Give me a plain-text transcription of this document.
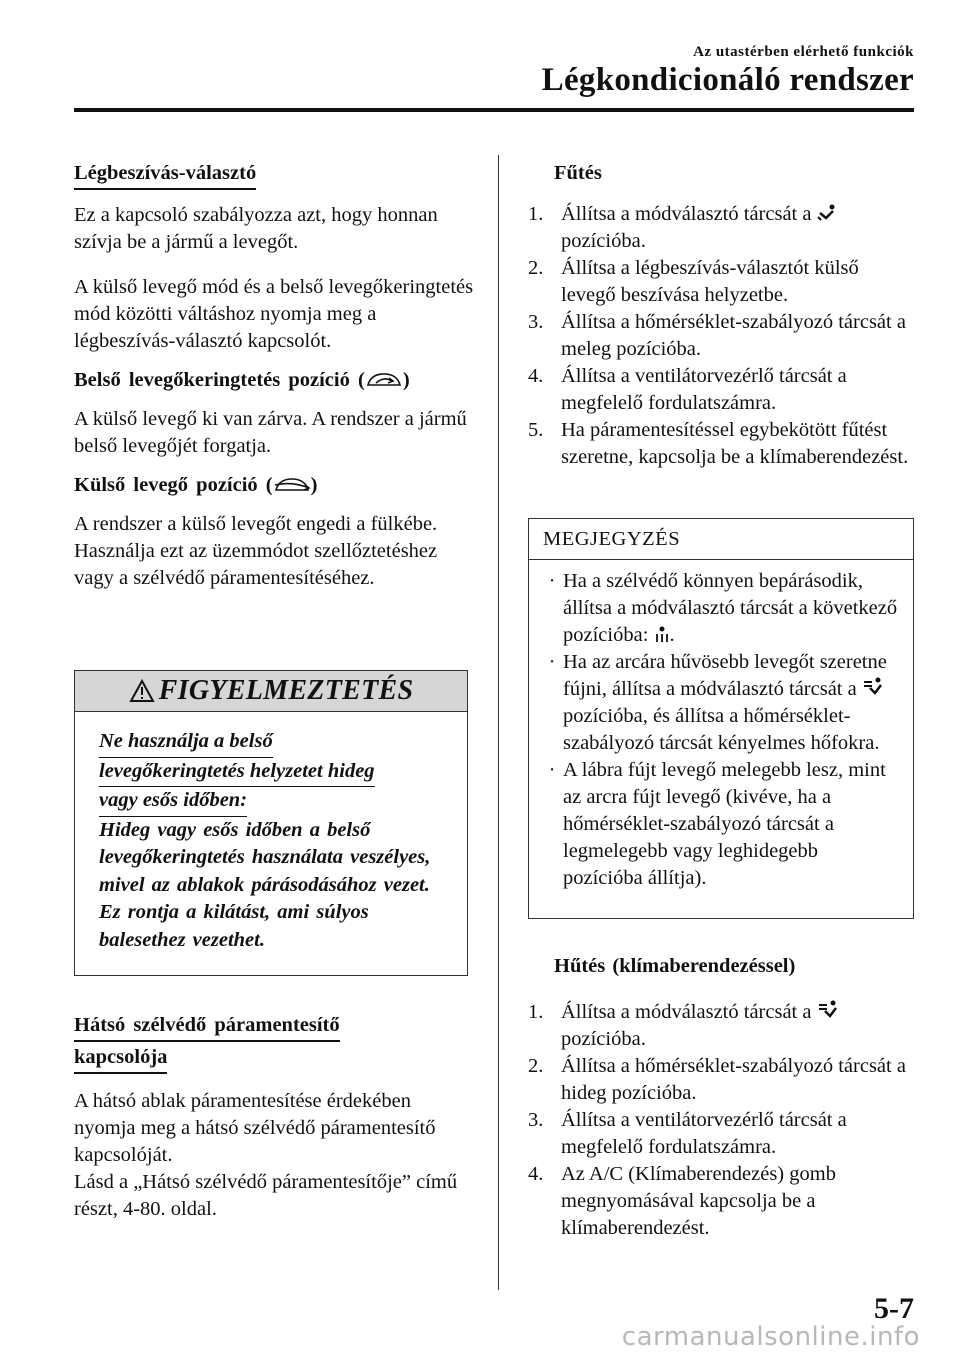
Az utastérben elérhető funkciók
Légkondicionáló rendszer
Légbeszívás-választó

Ez a kapcsoló szabályozza azt, hogy honnan szívja be a jármű a levegőt.

A külső levegő mód és a belső levegőkeringtetés mód közötti váltáshoz nyomja meg a légbeszívás-választó kapcsolót.

Belső levegőkeringtetés pozíció ( )

A külső levegő ki van zárva. A rendszer a jármű belső levegőjét forgatja.

Külső levegő pozíció ( )

A rendszer a külső levegőt engedi a fülkébe. Használja ezt az üzemmódot szellőztetéshez vagy a szélvédő páramentesítéséhez.

FIGYELMEZTETÉS
Ne használja a belső
levegőkeringtetés helyzetet hideg
vagy esős időben:

Hideg vagy esős időben a belső levegőkeringtetés használata veszélyes, mivel az ablakok párásodásához vezet. Ez rontja a kilátást, ami súlyos balesethez vezethet.

Hátsó szélvédő páramentesítő
kapcsolója

A hátsó ablak páramentesítése érdekében nyomja meg a hátsó szélvédő páramentesítő kapcsolóját.

Lásd a „Hátsó szélvédő páramentesítője” című részt, 4-80. oldal.

Fűtés

1. Állítsa a módválasztó tárcsát a  pozícióba.
2. Állítsa a légbeszívás-választót külső levegő beszívása helyzetbe.
3. Állítsa a hőmérséklet-szabályozó tárcsát a meleg pozícióba.
4. Állítsa a ventilátorvezérlő tárcsát a megfelelő fordulatszámra.
5. Ha páramentesítéssel egybekötött fűtést szeretne, kapcsolja be a klímaberendezést.
MEGJEGYZÉS
· Ha a szélvédő könnyen bepárásodik, állítsa a módválasztó tárcsát a következő pozícióba: .
· Ha az arcára hűvösebb levegőt szeretne fújni, állítsa a módválasztó tárcsát a  pozícióba, és állítsa a hőmérséklet-szabályozó tárcsát kényelmes hőfokra.
· A lábra fújt levegő melegebb lesz, mint az arcra fújt levegő (kivéve, ha a hőmérséklet-szabályozó tárcsát a legmelegebb vagy leghidegebb pozícióba állítja).

Hűtés (klímaberendezéssel)

1. Állítsa a módválasztó tárcsát a  pozícióba.
2. Állítsa a hőmérséklet-szabályozó tárcsát a hideg pozícióba.
3. Állítsa a ventilátorvezérlő tárcsát a megfelelő fordulatszámra.
4. Az A/C (Klímaberendezés) gomb megnyomásával kapcsolja be a klímaberendezést.
5-7
carmanualsonline.info
